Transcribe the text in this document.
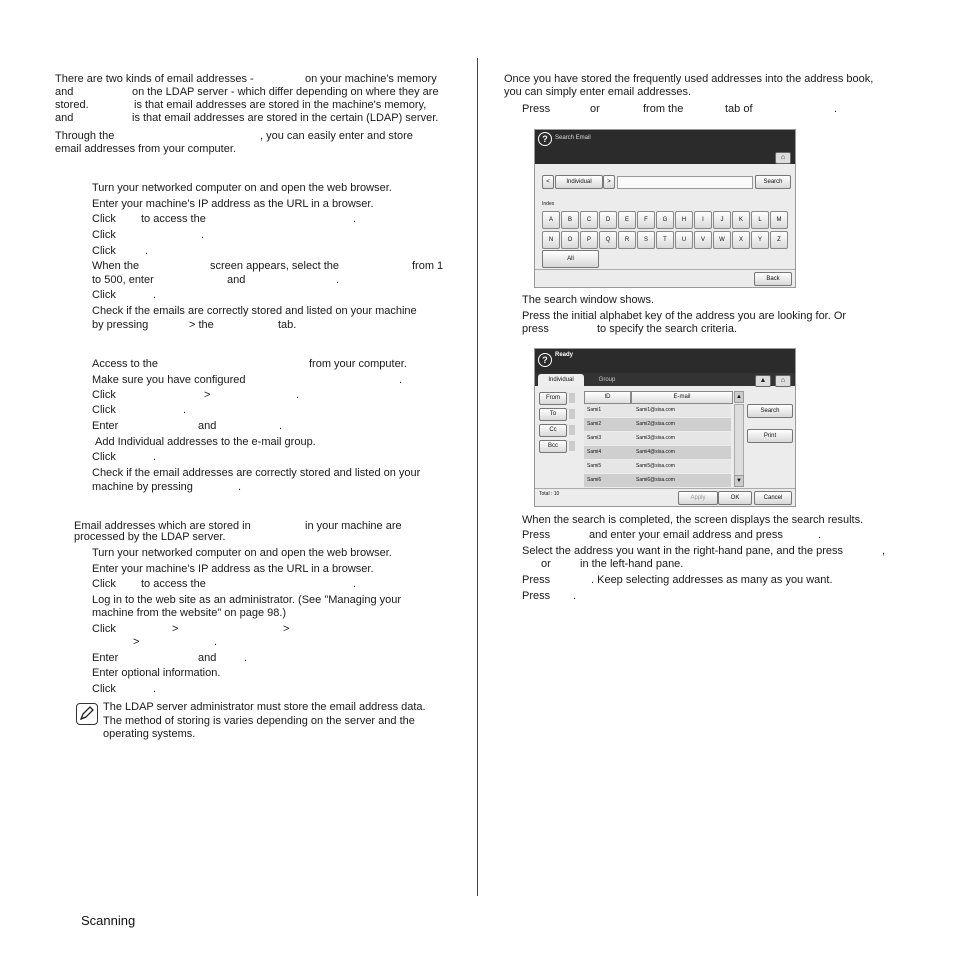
There are two kinds of email addresses -	on your machine's memory
and	on the LDAP server - which differ depending on where they are
stored.	is that email addresses are stored in the machine's memory,
and	is that email addresses are stored in the certain (LDAP) server.
Through the	, you can easily enter and store
email addresses from your computer.
Turn your networked computer on and open the web browser.
Enter your machine's IP address as the URL in a browser.
Click to access the	.
Click	.
Click	.
When the	screen appears, select the	from 1
to 500, enter	and	.
Click	.
Check if the emails are correctly stored and listed on your machine
by pressing	> the	tab.
Access to the	from your computer.
Make sure you have configured	.
Click	>	.
Click	.
Enter	and	.
Add Individual addresses to the e-mail group.
Click	.
Check if the email addresses are correctly stored and listed on your
machine by pressing	.
Email addresses which are stored in	in your machine are
processed by the LDAP server.
Turn your networked computer on and open the web browser.
Enter your machine's IP address as the URL in a browser.
Click to access the	.
Log in to the web site as an administrator. (See "Managing your
machine from the website" on page 98.)
Click	>	>
>	.
Enter	and	.
Enter optional information.
Click	.
The LDAP server administrator must store the email address data.
The method of storing is varies depending on the server and the
operating systems.
Once you have stored the frequently used addresses into the address book,
you can simply enter email addresses.
Press	or	from the	tab of	.
?	Search Email
⌂
<	Individual	>	Search
Index
A	B	C	D	E	F	G	H	I	J	K	L	M
N	O	P	Q	R	S	T	U	V	W	X	Y	Z
All
Back
The search window shows.
Press the initial alphabet key of the address you are looking for. Or
press	to specify the search criteria.
?	Ready
Individual	Group	▲	⌂
From
To
Cc
Bcc
ID	E-mail
Sami1	Sami1@sisa.com
Sami2	Sami2@sisa.com
Sami3	Sami3@sisa.com
Sami4	Sami4@sisa.com
Sami5	Sami5@sisa.com
Sami6	Sami6@sisa.com
▲
▼
Search
Print
Total : 10
Apply	OK	Cancel
When the search is completed, the screen displays the search results.
Press	and enter your email address and press	.
Select the address you want in the right-hand pane, and the press	,
or	in the left-hand pane.
Press	. Keep selecting addresses as many as you want.
Press .
Scanning
